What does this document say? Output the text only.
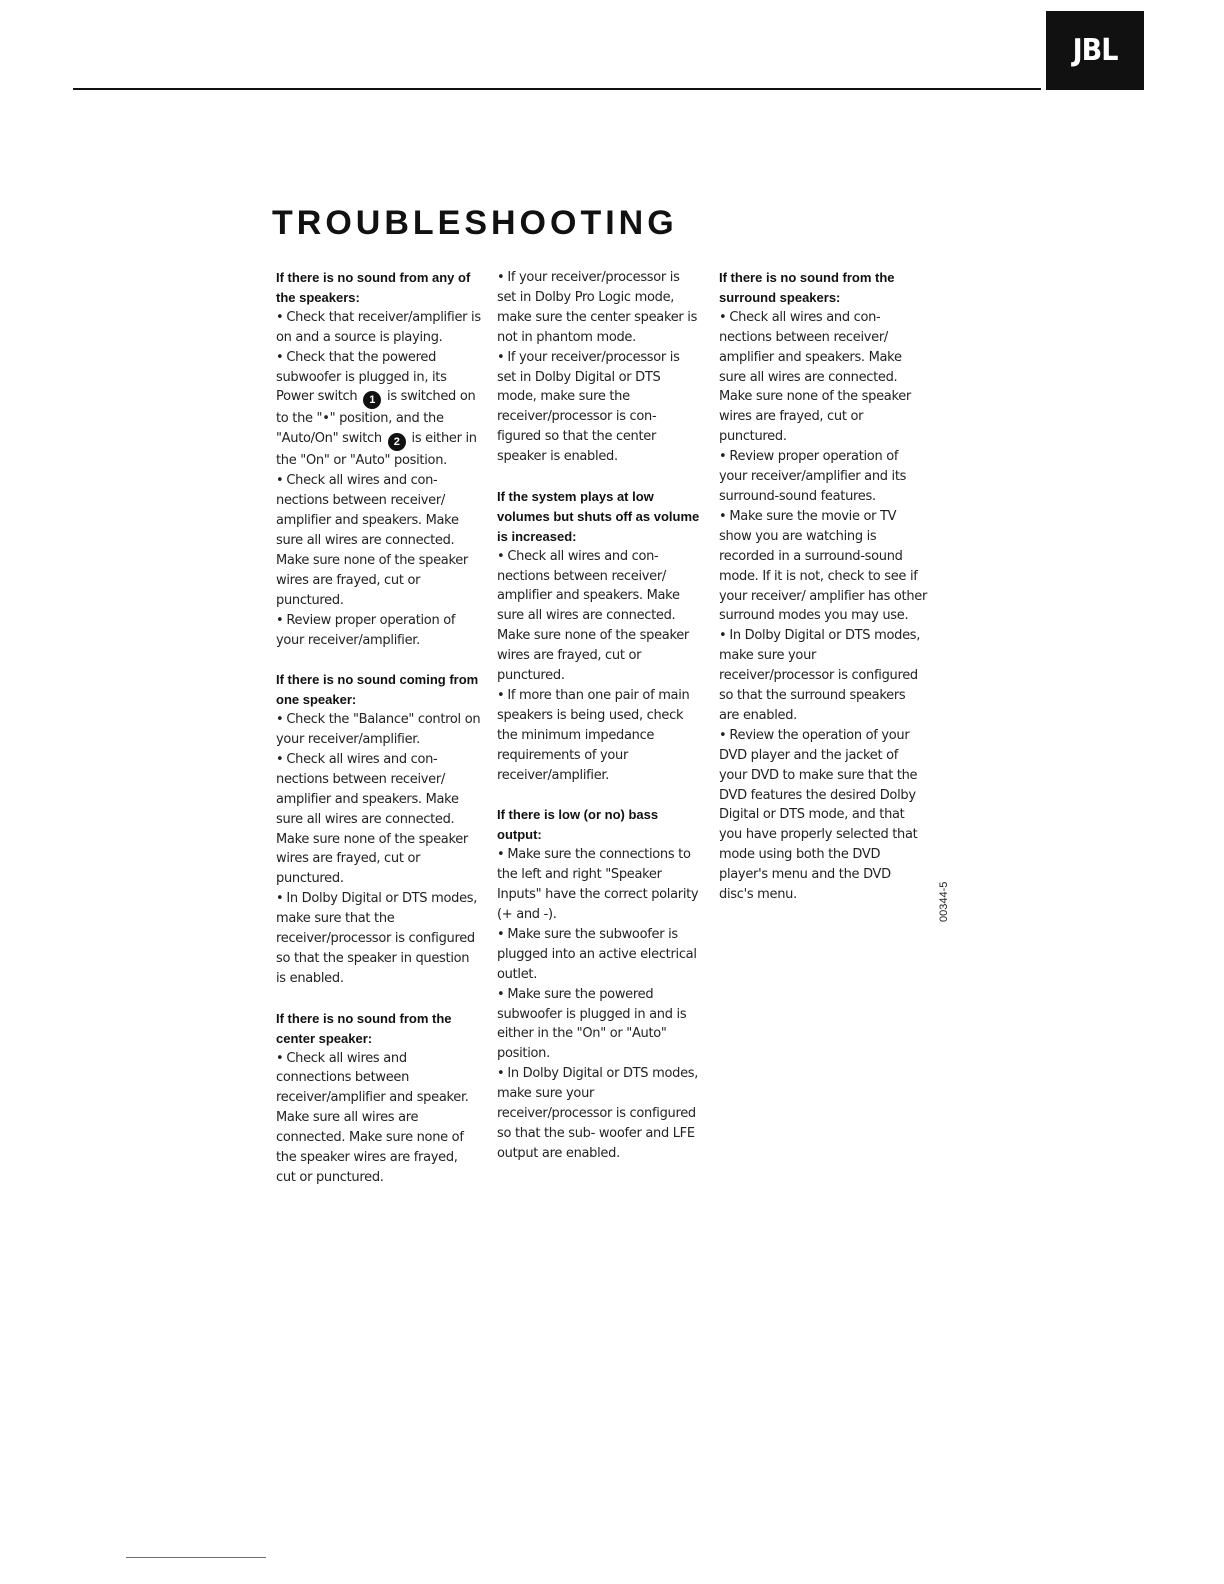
JBL
TROUBLESHOOTING

If there is no sound from any of the speakers:

• Check that receiver/amplifier is on and a source is playing.

• Check that the powered subwoofer is plugged in, its Power switch 1 is switched on to the "•" position, and the "Auto/On" switch 2 is either in the "On" or "Auto" position.

• Check all wires and con- nections between receiver/ amplifier and speakers. Make sure all wires are connected. Make sure none of the speaker wires are frayed, cut or punctured.

• Review proper operation of your receiver/amplifier.

If there is no sound coming from one speaker:

• Check the "Balance" control on your receiver/amplifier.

• Check all wires and con- nections between receiver/ amplifier and speakers. Make sure all wires are connected. Make sure none of the speaker wires are frayed, cut or punctured.

• In Dolby Digital or DTS modes, make sure that the receiver/processor is configured so that the speaker in question is enabled.

If there is no sound from the center speaker:

• Check all wires and connections between receiver/amplifier and speaker. Make sure all wires are connected. Make sure none of the speaker wires are frayed, cut or punctured.

• If your receiver/processor is set in Dolby Pro Logic mode, make sure the center speaker is not in phantom mode.

• If your receiver/processor is set in Dolby Digital or DTS mode, make sure the receiver/processor is con- figured so that the center speaker is enabled.

If the system plays at low volumes but shuts off as volume is increased:

• Check all wires and con- nections between receiver/ amplifier and speakers. Make sure all wires are connected. Make sure none of the speaker wires are frayed, cut or punctured.

• If more than one pair of main speakers is being used, check the minimum impedance requirements of your receiver/amplifier.

If there is low (or no) bass output:

• Make sure the connections to the left and right "Speaker Inputs" have the correct polarity (+ and -).

• Make sure the subwoofer is plugged into an active electrical outlet.

• Make sure the powered subwoofer is plugged in and is either in the "On" or "Auto" position.

• In Dolby Digital or DTS modes, make sure your receiver/processor is configured so that the sub- woofer and LFE output are enabled.

If there is no sound from the surround speakers:

• Check all wires and con- nections between receiver/ amplifier and speakers. Make sure all wires are connected. Make sure none of the speaker wires are frayed, cut or punctured.

• Review proper operation of your receiver/amplifier and its surround-sound features.

• Make sure the movie or TV show you are watching is recorded in a surround-sound mode. If it is not, check to see if your receiver/ amplifier has other surround modes you may use.

• In Dolby Digital or DTS modes, make sure your receiver/processor is configured so that the surround speakers are enabled.

• Review the operation of your DVD player and the jacket of your DVD to make sure that the DVD features the desired Dolby Digital or DTS mode, and that you have properly selected that mode using both the DVD player's menu and the DVD disc's menu.	00344-5
